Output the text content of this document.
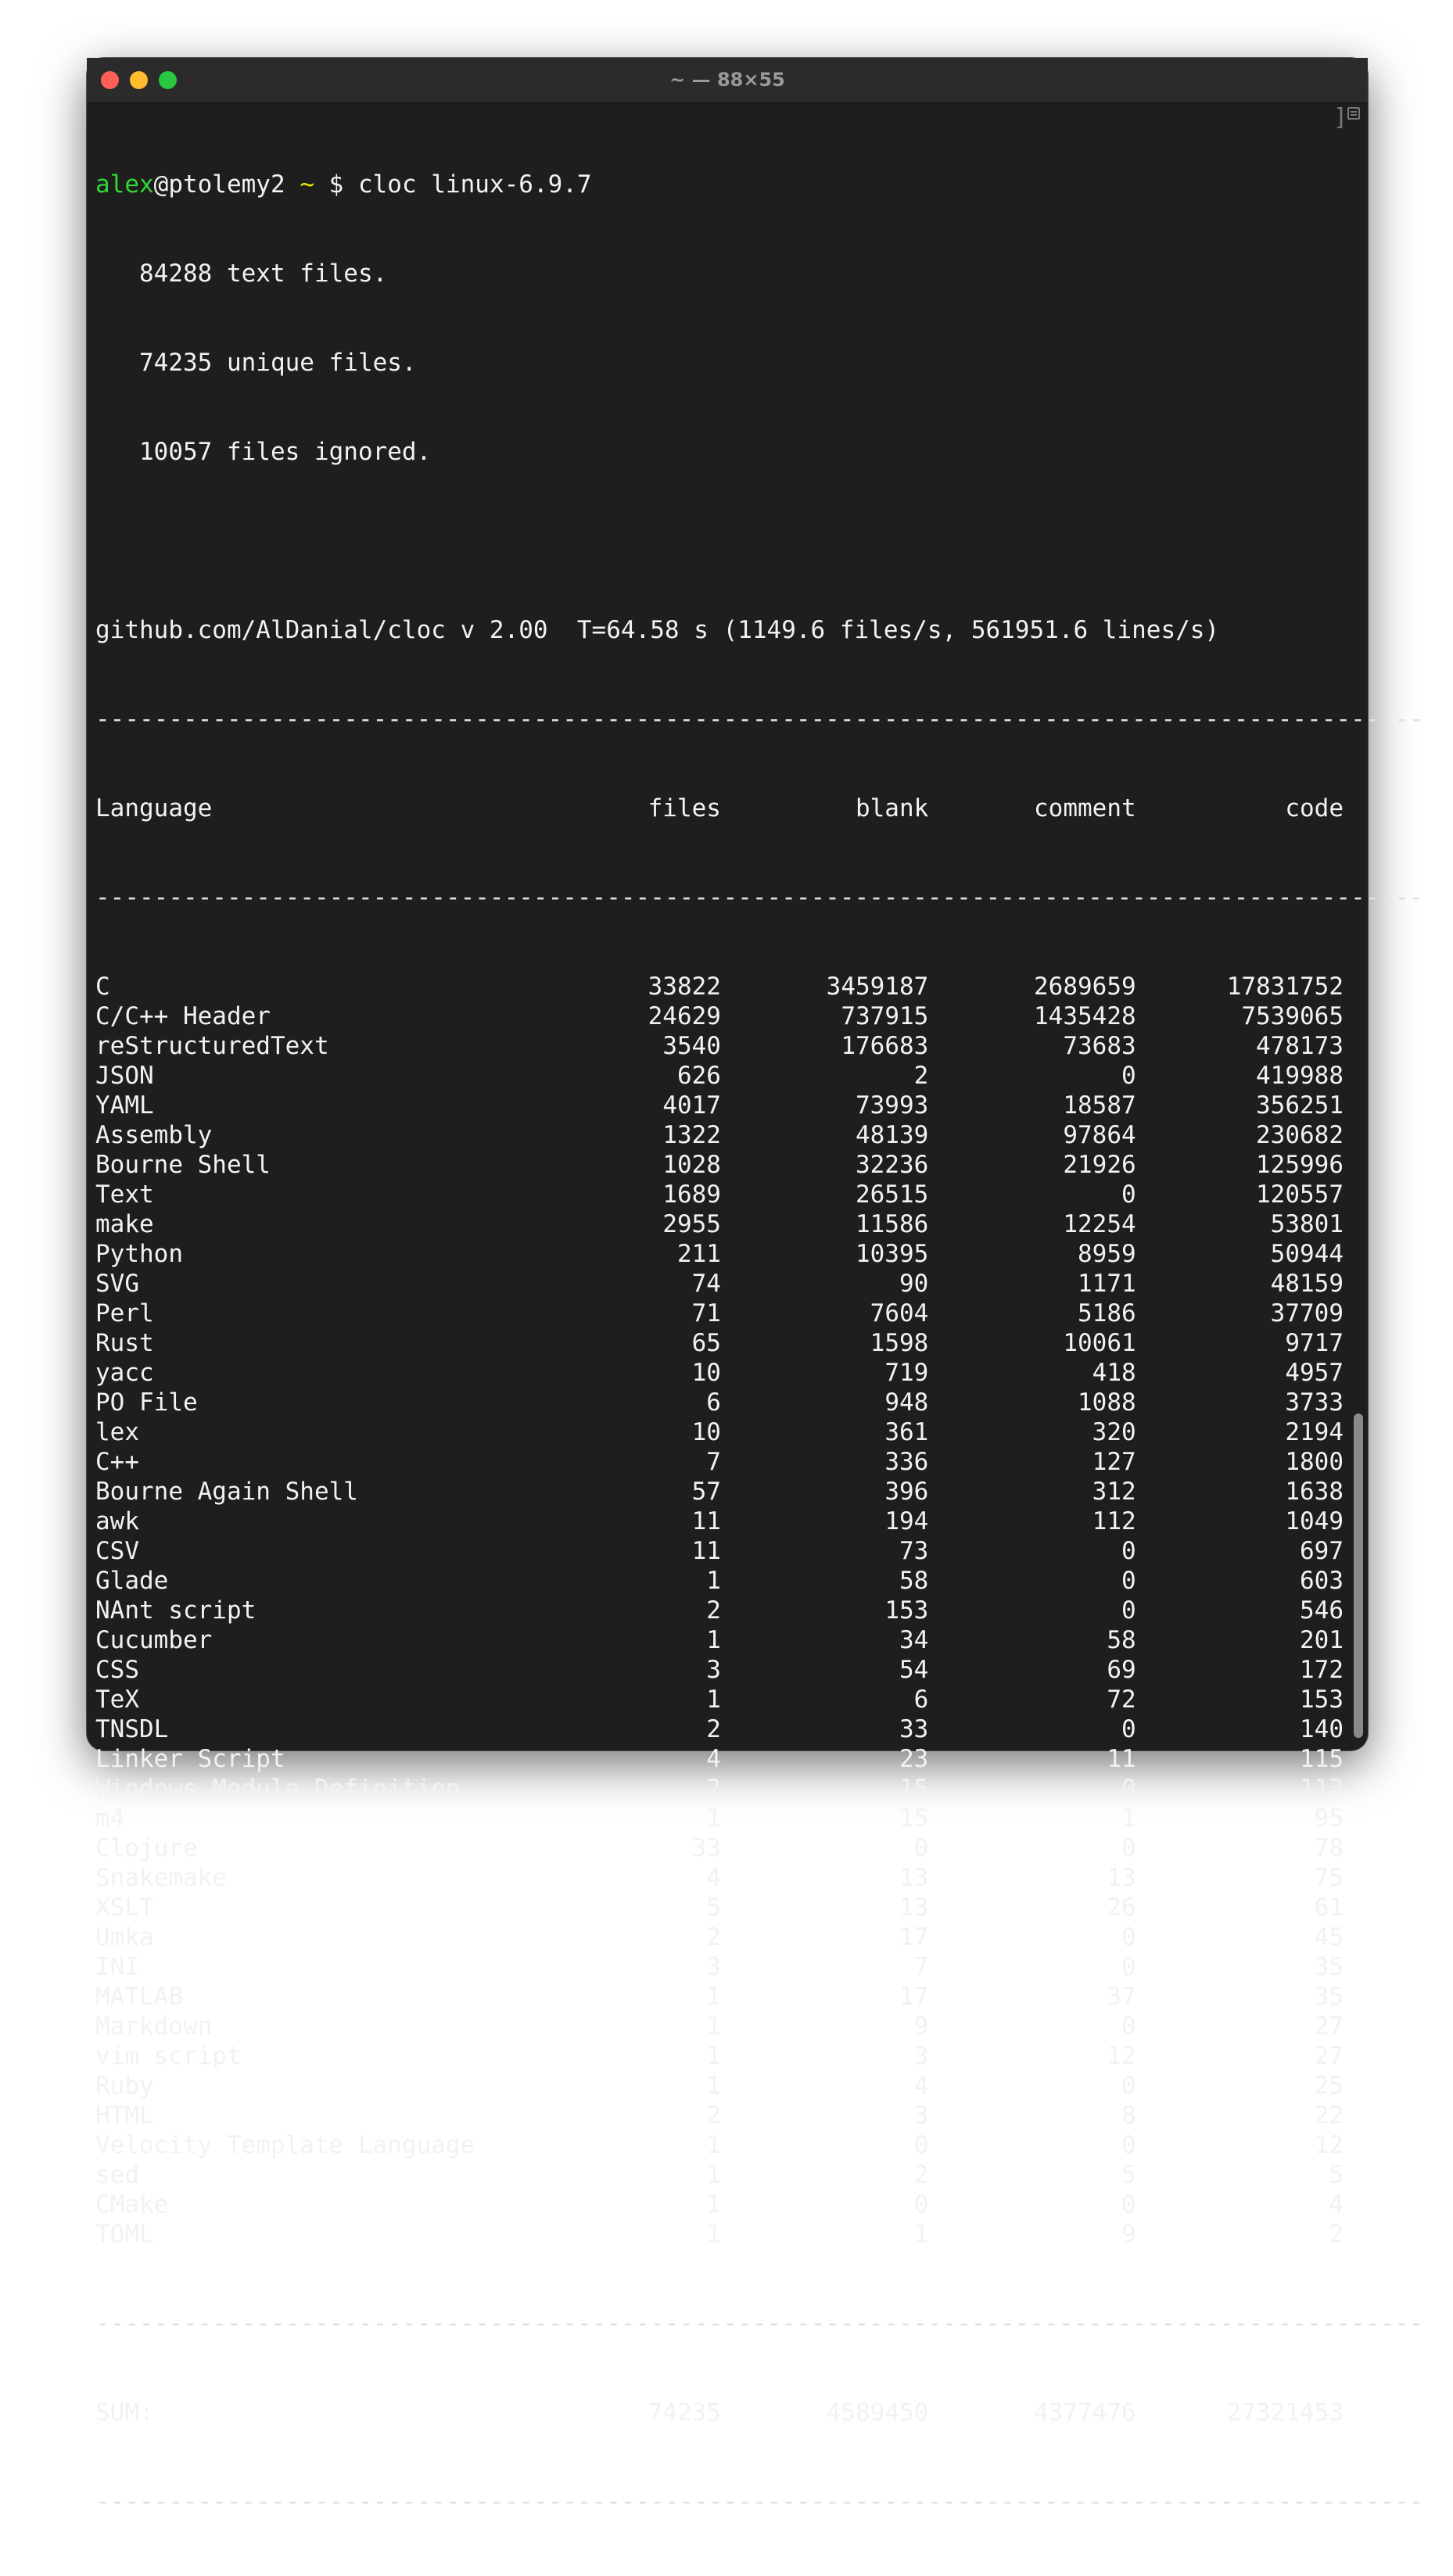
~ — 88×55
]

alex@ptolemy2 ~ $ cloc linux-6.9.7

84288 text files.

74235 unique files.

10057 files ignored.

github.com/AlDanial/cloc v 2.00  T=64.58 s (1149.6 files/s, 561951.6 lines/s)

-------------------------------------------------------------------------------------------

Language	files	blank	comment	code

-------------------------------------------------------------------------------------------

C	33822	3459187	2689659	17831752
C/C++ Header	24629	737915	1435428	7539065
reStructuredText	3540	176683	73683	478173
JSON	626	2	0	419988
YAML	4017	73993	18587	356251
Assembly	1322	48139	97864	230682
Bourne Shell	1028	32236	21926	125996
Text	1689	26515	0	120557
make	2955	11586	12254	53801
Python	211	10395	8959	50944
SVG	74	90	1171	48159
Perl	71	7604	5186	37709
Rust	65	1598	10061	9717
yacc	10	719	418	4957
PO File	6	948	1088	3733
lex	10	361	320	2194
C++	7	336	127	1800
Bourne Again Shell	57	396	312	1638
awk	11	194	112	1049
CSV	11	73	0	697
Glade	1	58	0	603
NAnt script	2	153	0	546
Cucumber	1	34	58	201
CSS	3	54	69	172
TeX	1	6	72	153
TNSDL	2	33	0	140
Linker Script	4	23	11	115
Windows Module Definition	2	15	0	113
m4	1	15	1	95
Clojure	33	0	0	78
Snakemake	4	13	13	75
XSLT	5	13	26	61
Umka	2	17	0	45
INI	3	7	0	35
MATLAB	1	17	37	35
Markdown	1	9	0	27
vim script	1	3	12	27
Ruby	1	4	0	25
HTML	2	3	8	22
Velocity Template Language	1	0	0	12
sed	1	2	5	5
CMake	1	0	0	4
TOML	1	1	9	2

-------------------------------------------------------------------------------------------

SUM:	74235	4589450	4377476	27321453

-------------------------------------------------------------------------------------------
